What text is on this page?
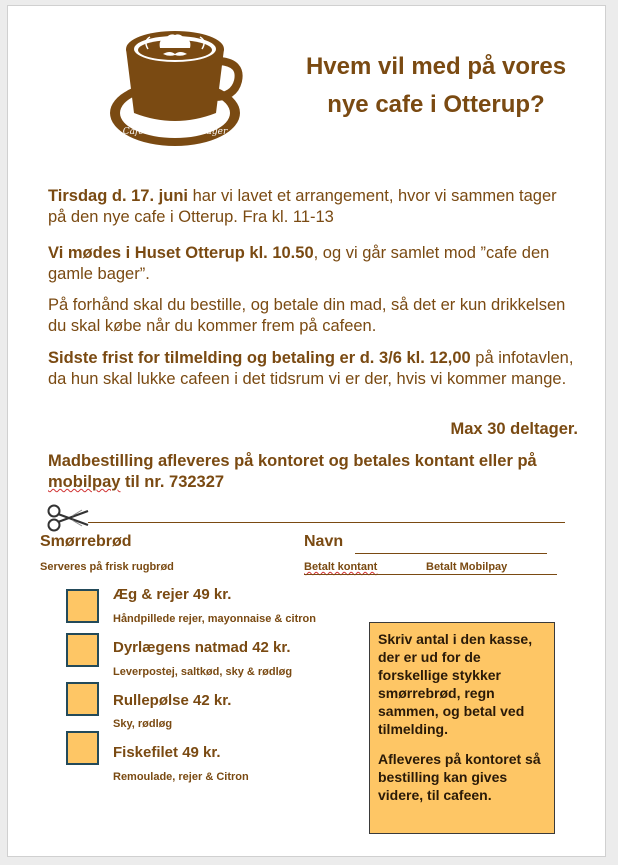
Café Den Gamle Bager
Hvem vil med på vores
nye cafe i Otterup?
Tirsdag d. 17. juni har vi lavet et arrangement, hvor vi sammen tager på den nye cafe i Otterup. Fra kl. 11-13
Vi mødes i Huset Otterup kl. 10.50, og vi går samlet mod ”cafe den gamle bager”.
På forhånd skal du bestille, og betale din mad, så det er kun drikkelsen du skal købe når du kommer frem på cafeen.
Sidste frist for tilmelding og betaling er d. 3/6 kl. 12,00 på infotavlen, da hun skal lukke cafeen i det tidsrum vi er der, hvis vi kommer mange.
Max 30 deltager.
Madbestilling afleveres på kontoret og betales kontant eller på mobilpay til nr. 732327
Smørrebrød	Navn
Serveres på frisk rugbrød	Betalt kontant	Betalt Mobilpay
Æg & rejer 49 kr.
Håndpillede rejer, mayonnaise & citron
Dyrlægens natmad 42 kr.
Leverpostej, saltkød, sky & rødløg
Rullepølse 42 kr.
Sky, rødløg
Fiskefilet 49 kr.
Remoulade, rejer & Citron

Skriv antal i den kasse, der er ud for de forskellige stykker smørrebrød, regn sammen, og betal ved tilmelding.

Afleveres på kontoret så bestilling kan gives videre, til cafeen.
